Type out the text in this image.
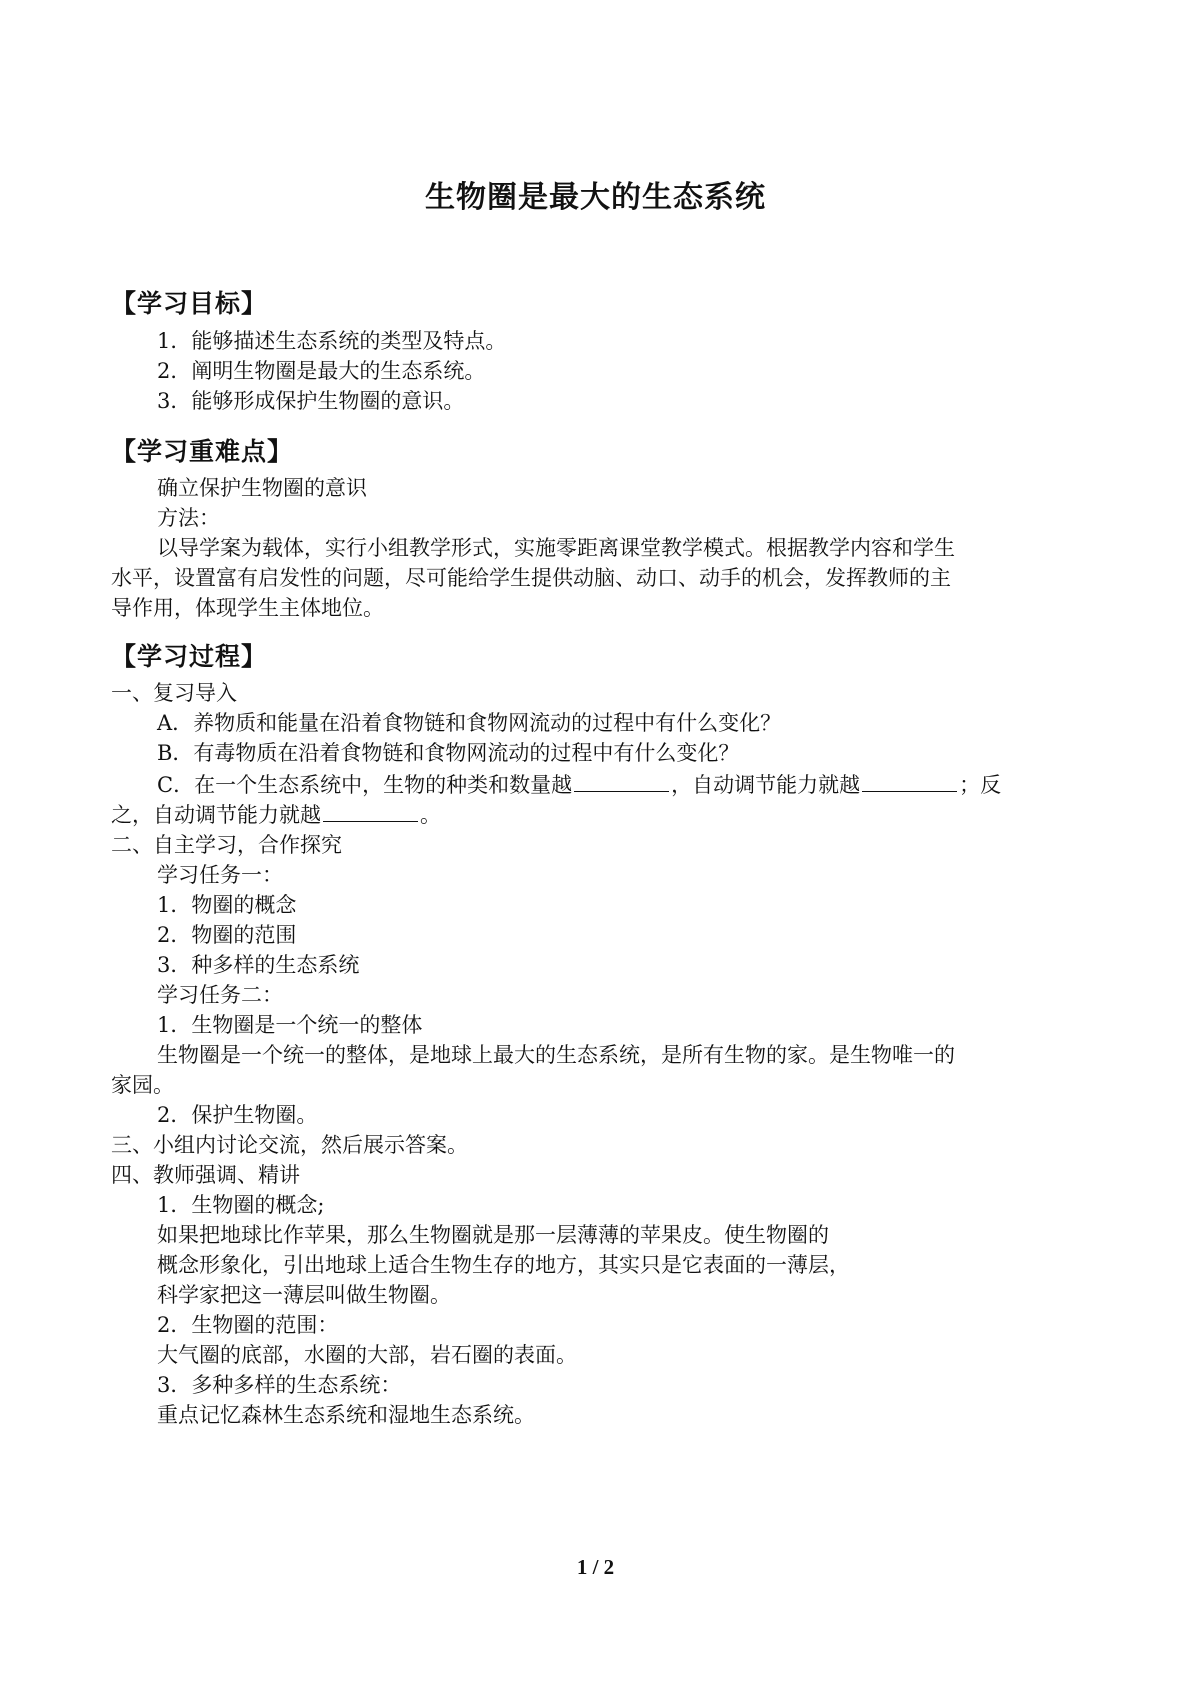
生物圈是最大的生态系统
【学习目标】
1．能够描述生态系统的类型及特点。
2．阐明生物圈是最大的生态系统。
3．能够形成保护生物圈的意识。
【学习重难点】
确立保护生物圈的意识
方法：
以导学案为载体，实行小组教学形式，实施零距离课堂教学模式。根据教学内容和学生
水平，设置富有启发性的问题，尽可能给学生提供动脑、动口、动手的机会，发挥教师的主
导作用，体现学生主体地位。
【学习过程】
一、复习导入
A．养物质和能量在沿着食物链和食物网流动的过程中有什么变化？
B．有毒物质在沿着食物链和食物网流动的过程中有什么变化？
C．在一个生态系统中，生物的种类和数量越	，自动调节能力就越	；反
之，自动调节能力就越	。
二、自主学习，合作探究
学习任务一：
1．物圈的概念
2．物圈的范围
3．种多样的生态系统
学习任务二：
1．生物圈是一个统一的整体
生物圈是一个统一的整体，是地球上最大的生态系统，是所有生物的家。是生物唯一的
家园。
2．保护生物圈。
三、小组内讨论交流，然后展示答案。
四、教师强调、精讲
1．生物圈的概念;
如果把地球比作苹果，那么生物圈就是那一层薄薄的苹果皮。使生物圈的
概念形象化，引出地球上适合生物生存的地方，其实只是它表面的一薄层，
科学家把这一薄层叫做生物圈。
2．生物圈的范围：
大气圈的底部，水圈的大部，岩石圈的表面。
3．多种多样的生态系统：
重点记忆森林生态系统和湿地生态系统。
1 / 2
